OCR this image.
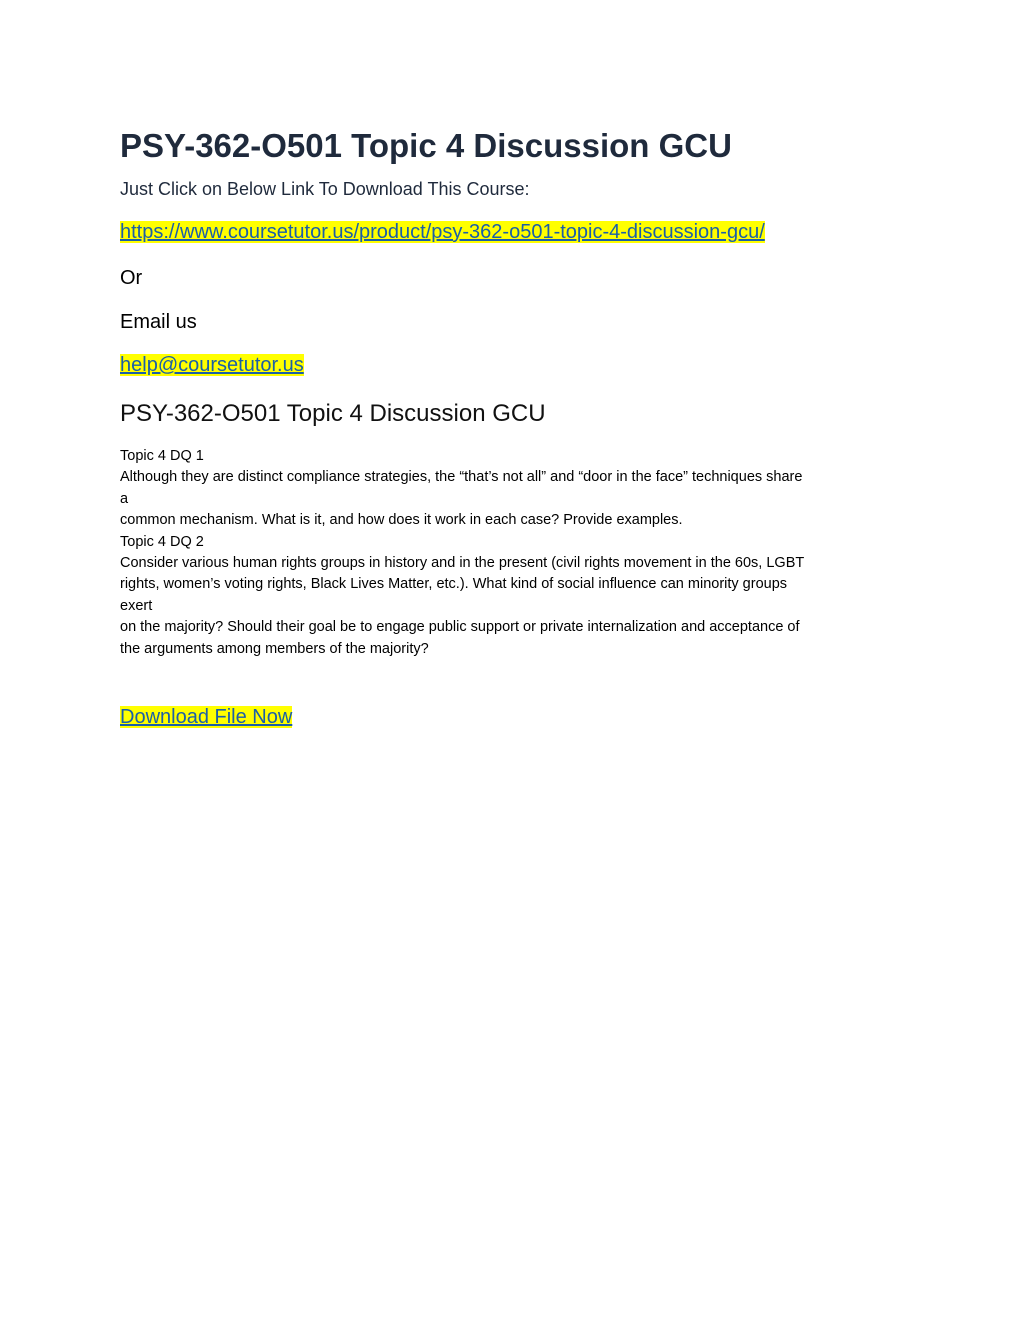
PSY-362-O501 Topic 4 Discussion GCU
Just Click on Below Link To Download This Course:
https://www.coursetutor.us/product/psy-362-o501-topic-4-discussion-gcu/
Or
Email us
help@coursetutor.us
PSY-362-O501 Topic 4 Discussion GCU
Topic 4 DQ 1
Although they are distinct compliance strategies, the “that’s not all” and “door in the face” techniques share
a
common mechanism. What is it, and how does it work in each case? Provide examples.
Topic 4 DQ 2
Consider various human rights groups in history and in the present (civil rights movement in the 60s, LGBT
rights, women’s voting rights, Black Lives Matter, etc.). What kind of social influence can minority groups
exert
on the majority? Should their goal be to engage public support or private internalization and acceptance of
the arguments among members of the majority?
Download File Now
